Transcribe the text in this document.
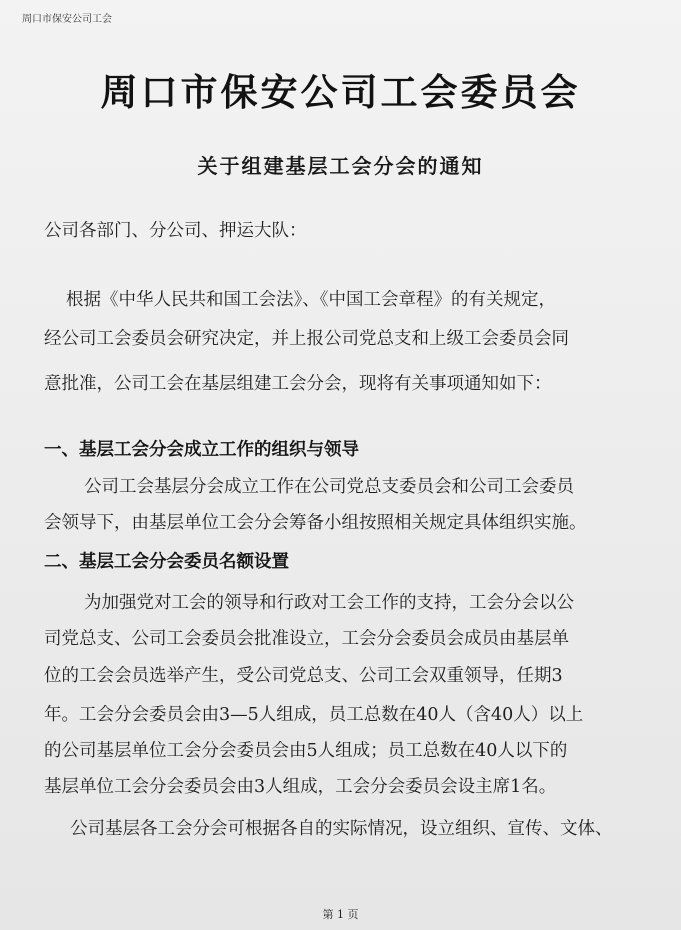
周口市保安公司工会
周口市保安公司工会委员会
关于组建基层工会分会的通知
公司各部门、分公司、押运大队：
根据《中华人民共和国工会法》、《中国工会章程》的有关规定，
经公司工会委员会研究决定，并上报公司党总支和上级工会委员会同
意批准，公司工会在基层组建工会分会，现将有关事项通知如下：
一、基层工会分会成立工作的组织与领导
公司工会基层分会成立工作在公司党总支委员会和公司工会委员
会领导下，由基层单位工会分会筹备小组按照相关规定具体组织实施。
二、基层工会分会委员名额设置
为加强党对工会的领导和行政对工会工作的支持，工会分会以公
司党总支、公司工会委员会批准设立，工会分会委员会成员由基层单
位的工会会员选举产生，受公司党总支、公司工会双重领导，任期3
年。工会分会委员会由3—5人组成，员工总数在40人（含40人）以上
的公司基层单位工会分会委员会由5人组成；员工总数在40人以下的
基层单位工会分会委员会由3人组成，工会分会委员会设主席1名。
公司基层各工会分会可根据各自的实际情况，设立组织、宣传、文体、
第 1 页
